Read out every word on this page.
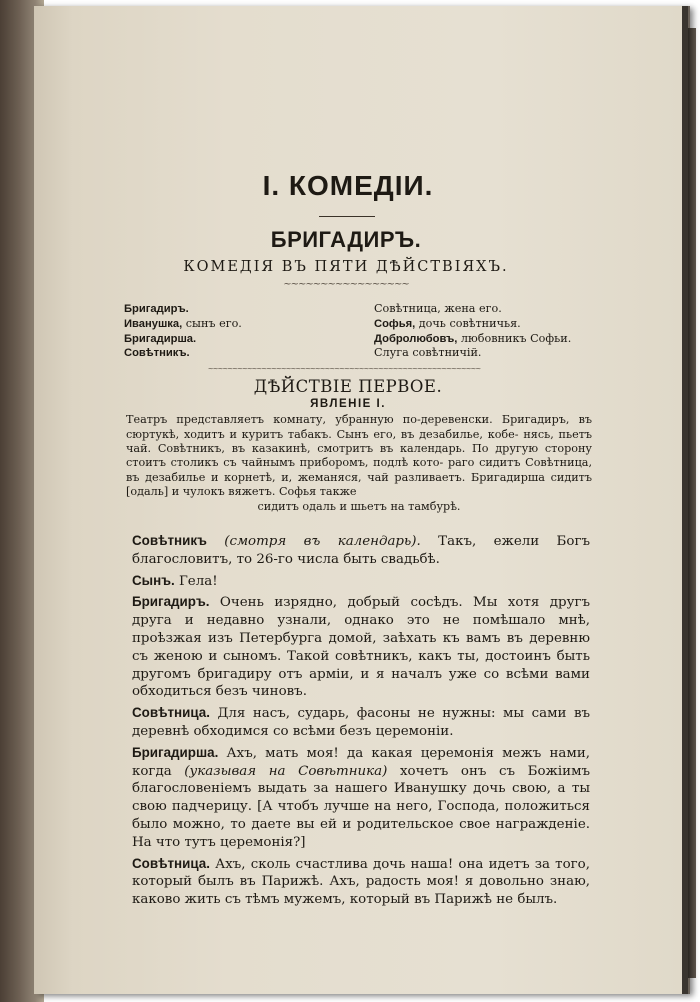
I. КОМЕДІИ.
БРИГАДИРЪ.
КОМЕДІЯ ВЪ ПЯТИ ДѢЙСТВІЯХЪ.
~~~~~~~~~~~~~~~~~
Бригадиръ.	Совѣтница, жена его.
Иванушка, сынъ его.	Софья, дочь совѣтничья.
Бригадирша.	Добролюбовъ, любовникъ Софьи.
Совѣтникъ.	Слуга совѣтничій.
~~~~~~~~~~~~~~~~~~~~~~~~~~~~~~~~~~~~~~~~~~~~~~~~~~~~~~~~
ДѢЙСТВІЕ ПЕРВОЕ.
ЯВЛЕНІЕ I.
Театръ представляетъ комнату, убранную по-деревенски. Бригадиръ, въ сюртукѣ, ходитъ и куритъ табакъ. Сынъ его, въ дезабилье, кобе- нясь, пьетъ чай. Совѣтникъ, въ казакинѣ, смотритъ въ календарь. По другую сторону стоитъ столикъ съ чайнымъ приборомъ, подлѣ кото- раго сидитъ Совѣтница, въ дезабилье и корнетѣ, и, жеманяся, чай разливаетъ. Бригадирша сидитъ [одаль] и чулокъ вяжетъ. Софья также
сидитъ одаль и шьетъ на тамбурѣ.

Совѣтникъ (смотря въ календарь). Такъ, ежели Богъ благословитъ, то 26-го числа быть свадьбѣ.

Сынъ. Гела!

Бригадиръ. Очень изрядно, добрый сосѣдъ. Мы хотя другъ друга и недавно узнали, однако это не помѣшало мнѣ, проѣзжая изъ Петербурга домой, заѣхать къ вамъ въ деревню съ женою и сыномъ. Такой совѣтникъ, какъ ты, достоинъ быть другомъ бригадиру отъ арміи, и я началъ уже со всѣми вами обходиться безъ чиновъ.

Совѣтница. Для насъ, сударь, фасоны не нужны: мы сами въ деревнѣ обходимся со всѣми безъ церемоніи.

Бригадирша. Ахъ, мать моя! да какая церемонія межъ нами, когда (указывая на Совѣтника) хочетъ онъ съ Божіимъ благословеніемъ выдать за нашего Иванушку дочь свою, а ты свою падчерицу. [А чтобъ лучше на него, Господа, положиться было можно, то даете вы ей и родительское свое награжденіе. На что тутъ церемонія?]

Совѣтница. Ахъ, сколь счастлива дочь наша! она идетъ за того, который былъ въ Парижѣ. Ахъ, радость моя! я довольно знаю, каково жить съ тѣмъ мужемъ, который въ Парижѣ не былъ.
